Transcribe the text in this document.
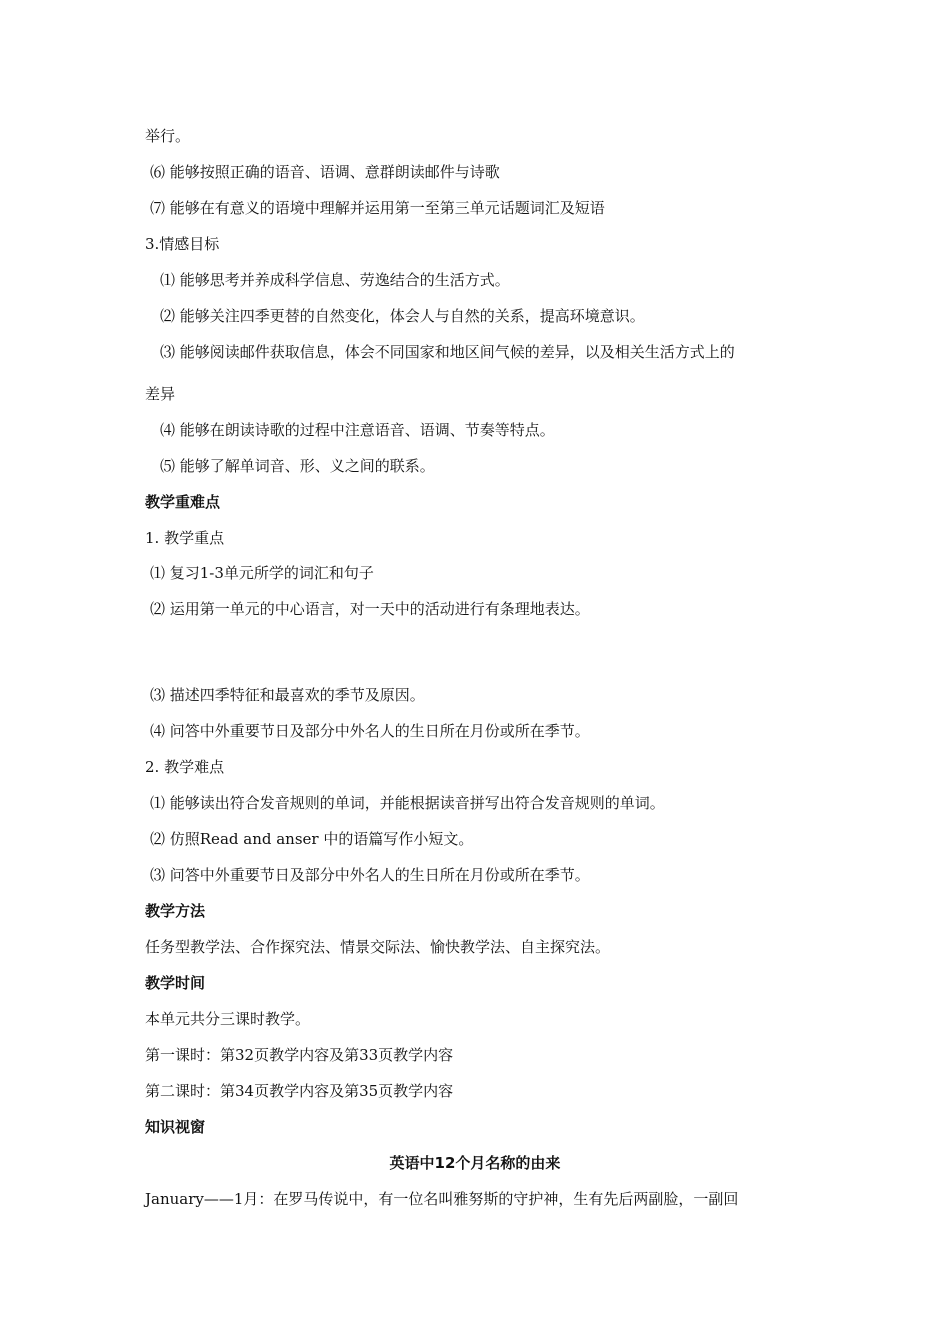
举行。
⑹ 能够按照正确的语音、语调、意群朗读邮件与诗歌
⑺ 能够在有意义的语境中理解并运用第一至第三单元话题词汇及短语
3.情感目标
⑴ 能够思考并养成科学信息、劳逸结合的生活方式。
⑵ 能够关注四季更替的自然变化，体会人与自然的关系，提高环境意识。
⑶ 能够阅读邮件获取信息，体会不同国家和地区间气候的差异，以及相关生活方式上的
差异
⑷ 能够在朗读诗歌的过程中注意语音、语调、节奏等特点。
⑸ 能够了解单词音、形、义之间的联系。
教学重难点
1. 教学重点
⑴ 复习1-3单元所学的词汇和句子
⑵ 运用第一单元的中心语言，对一天中的活动进行有条理地表达。
⑶ 描述四季特征和最喜欢的季节及原因。
⑷ 问答中外重要节日及部分中外名人的生日所在月份或所在季节。
2. 教学难点
⑴ 能够读出符合发音规则的单词，并能根据读音拼写出符合发音规则的单词。
⑵ 仿照Read and anser 中的语篇写作小短文。
⑶ 问答中外重要节日及部分中外名人的生日所在月份或所在季节。
教学方法
任务型教学法、合作探究法、情景交际法、愉快教学法、自主探究法。
教学时间
本单元共分三课时教学。
第一课时：第32页教学内容及第33页教学内容
第二课时：第34页教学内容及第35页教学内容
知识视窗
英语中12个月名称的由来
January——1月：在罗马传说中，有一位名叫雅努斯的守护神，生有先后两副脸，一副回
